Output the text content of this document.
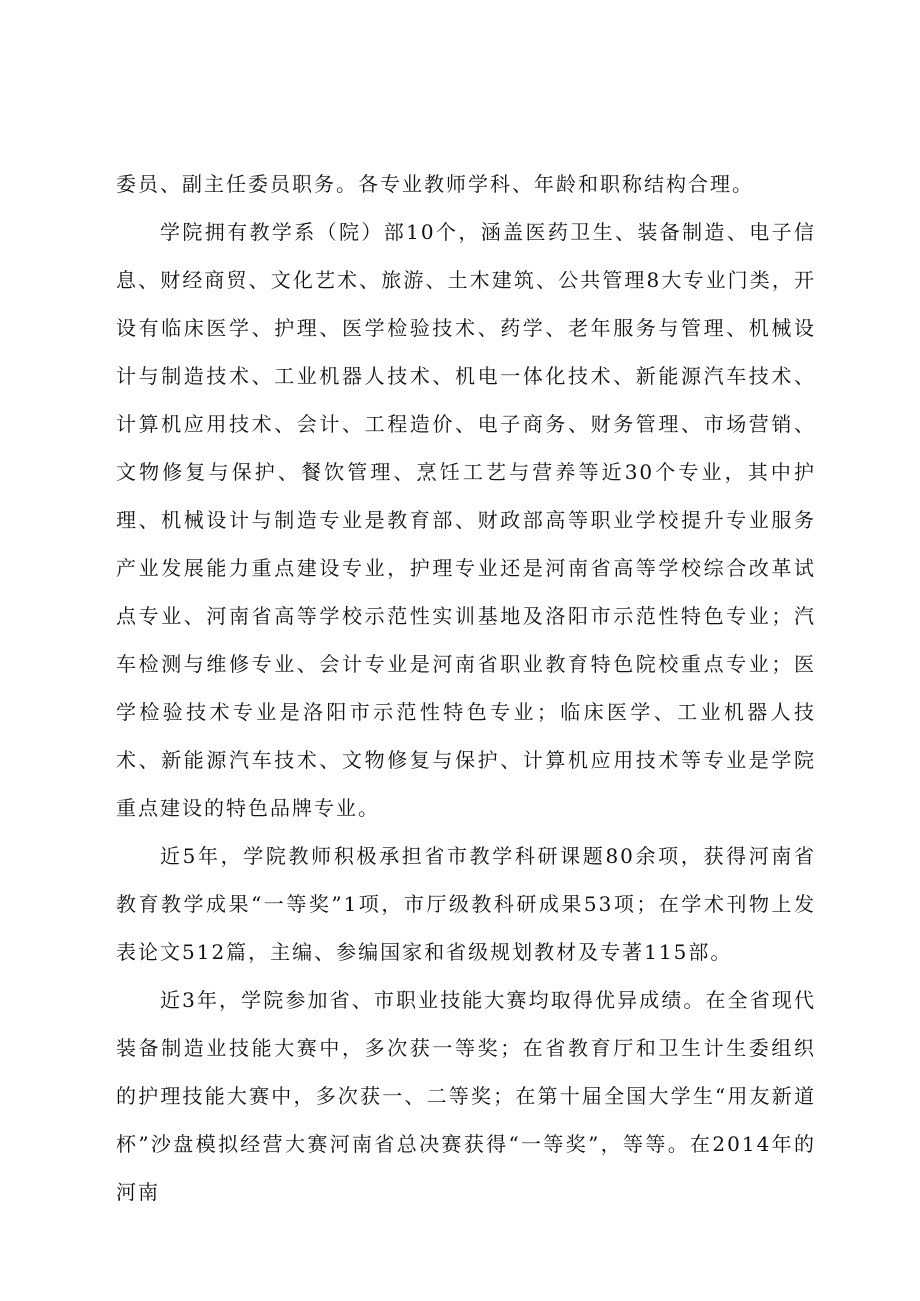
委员、副主任委员职务。各专业教师学科、年龄和职称结构合理。

学院拥有教学系（院）部10个，涵盖医药卫生、装备制造、电子信息、财经商贸、文化艺术、旅游、土木建筑、公共管理8大专业门类，开设有临床医学、护理、医学检验技术、药学、老年服务与管理、机械设计与制造技术、工业机器人技术、机电一体化技术、新能源汽车技术、计算机应用技术、会计、工程造价、电子商务、财务管理、市场营销、文物修复与保护、餐饮管理、烹饪工艺与营养等近30个专业，其中护理、机械设计与制造专业是教育部、财政部高等职业学校提升专业服务产业发展能力重点建设专业，护理专业还是河南省高等学校综合改革试点专业、河南省高等学校示范性实训基地及洛阳市示范性特色专业；汽车检测与维修专业、会计专业是河南省职业教育特色院校重点专业；医学检验技术专业是洛阳市示范性特色专业；临床医学、工业机器人技术、新能源汽车技术、文物修复与保护、计算机应用技术等专业是学院重点建设的特色品牌专业。

近5年，学院教师积极承担省市教学科研课题80余项，获得河南省教育教学成果“一等奖”1项，市厅级教科研成果53项；在学术刊物上发表论文512篇，主编、参编国家和省级规划教材及专著115部。

近3年，学院参加省、市职业技能大赛均取得优异成绩。在全省现代装备制造业技能大赛中，多次获一等奖；在省教育厅和卫生计生委组织的护理技能大赛中，多次获一、二等奖；在第十届全国大学生“用友新道杯”沙盘模拟经营大赛河南省总决赛获得“一等奖”，等等。在2014年的河南
